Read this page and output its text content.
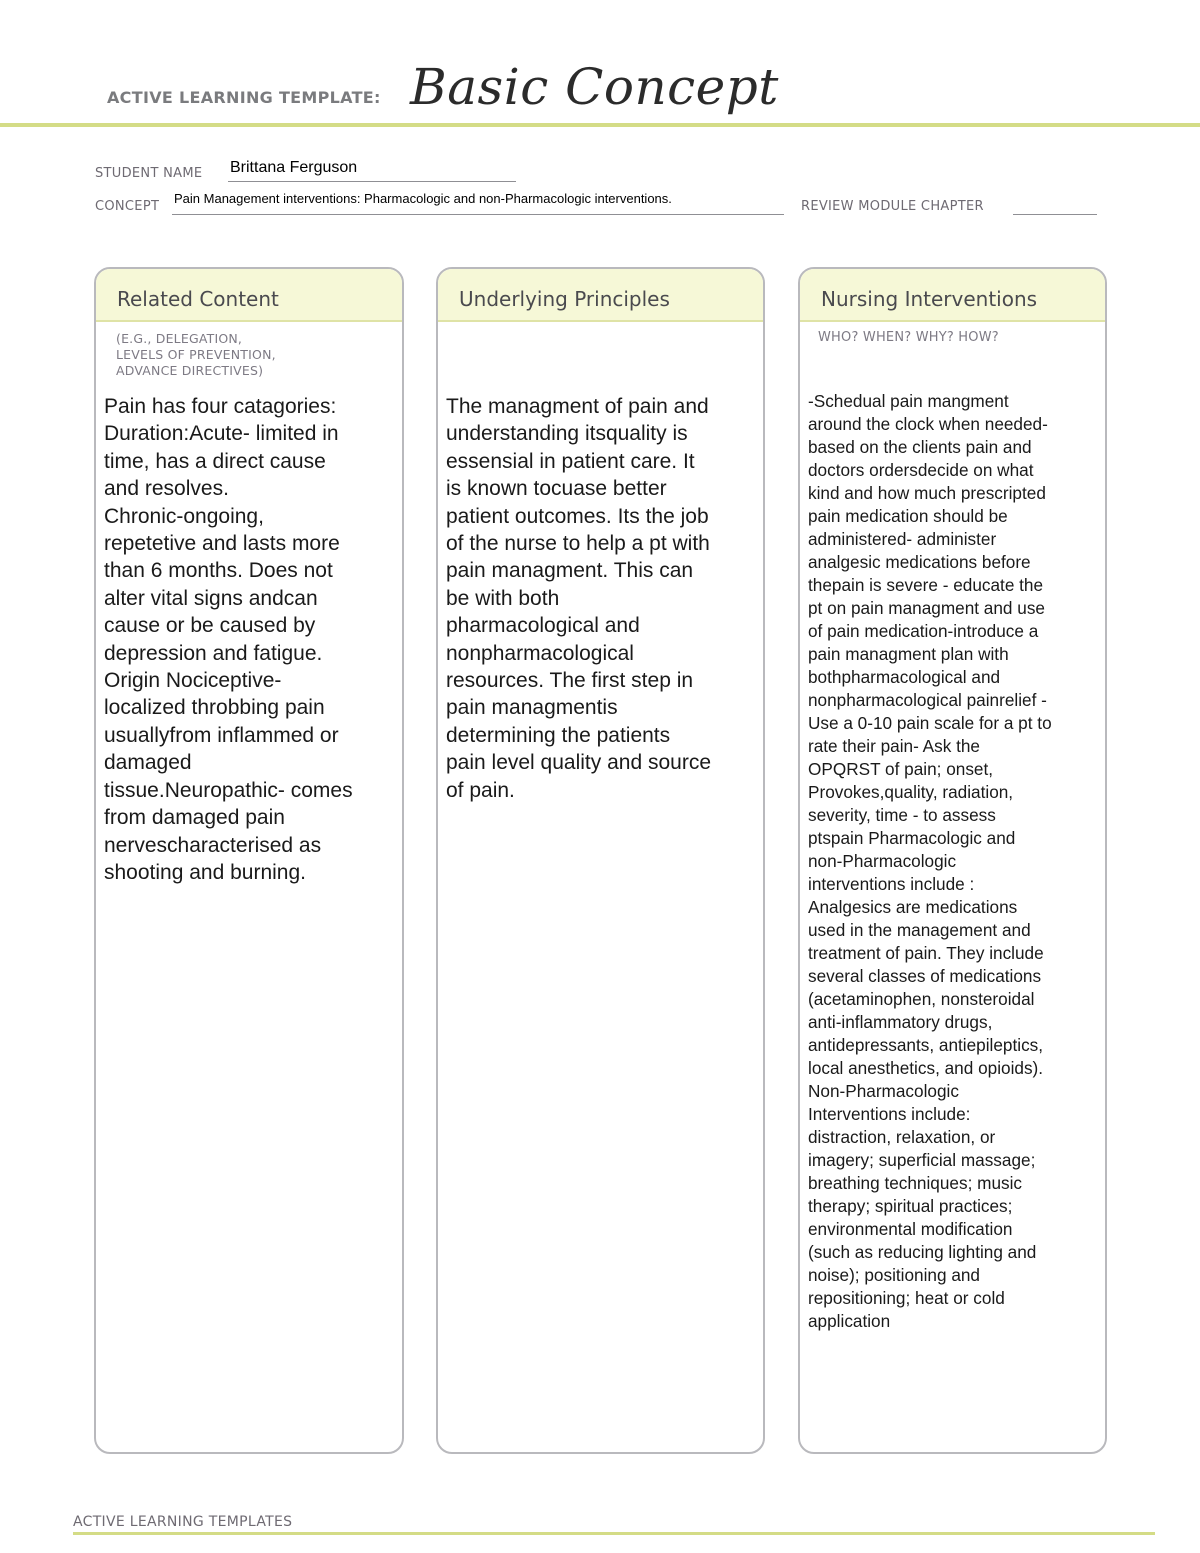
ACTIVE LEARNING TEMPLATE: Basic Concept
STUDENT NAME Brittana Ferguson
CONCEPT
Pain Management interventions: Pharmacologic and non-Pharmacologic interventions.
REVIEW MODULE CHAPTER
Related Content
(E.G., DELEGATION,
LEVELS OF PREVENTION,
ADVANCE DIRECTIVES)
Pain has four catagories:
Duration:Acute- limited in
time, has a direct cause
and resolves.
Chronic-ongoing,
repetetive and lasts more
than 6 months. Does not
alter vital signs andcan
cause or be caused by
depression and fatigue.
Origin Nociceptive-
localized throbbing pain
usuallyfrom inflammed or
damaged
tissue.Neuropathic- comes
from damaged pain
nervescharacterised as
shooting and burning.
Underlying Principles
The managment of pain and
understanding itsquality is
essensial in patient care. It
is known tocuase better
patient outcomes. Its the job
of the nurse to help a pt with
pain managment. This can
be with both
pharmacological and
nonpharmacological
resources. The first step in
pain managmentis
determining the patients
pain level quality and source
of pain.
Nursing Interventions
WHO? WHEN? WHY? HOW?
-Schedual pain mangment
around the clock when needed-
based on the clients pain and
doctors ordersdecide on what
kind and how much prescripted
pain medication should be
administered- administer
analgesic medications before
thepain is severe - educate the
pt on pain managment and use
of pain medication-introduce a
pain managment plan with
bothpharmacological and
nonpharmacological painrelief -
Use a 0-10 pain scale for a pt to
rate their pain- Ask the
OPQRST of pain; onset,
Provokes,quality, radiation,
severity, time - to assess
ptspain Pharmacologic and
non-Pharmacologic
interventions include :
Analgesics are medications
used in the management and
treatment of pain. They include
several classes of medications
(acetaminophen, nonsteroidal
anti-inflammatory drugs,
antidepressants, antiepileptics,
local anesthetics, and opioids).
Non-Pharmacologic
Interventions include:
distraction, relaxation, or
imagery; superficial massage;
breathing techniques; music
therapy; spiritual practices;
environmental modification
(such as reducing lighting and
noise); positioning and
repositioning; heat or cold
application
ACTIVE LEARNING TEMPLATES
